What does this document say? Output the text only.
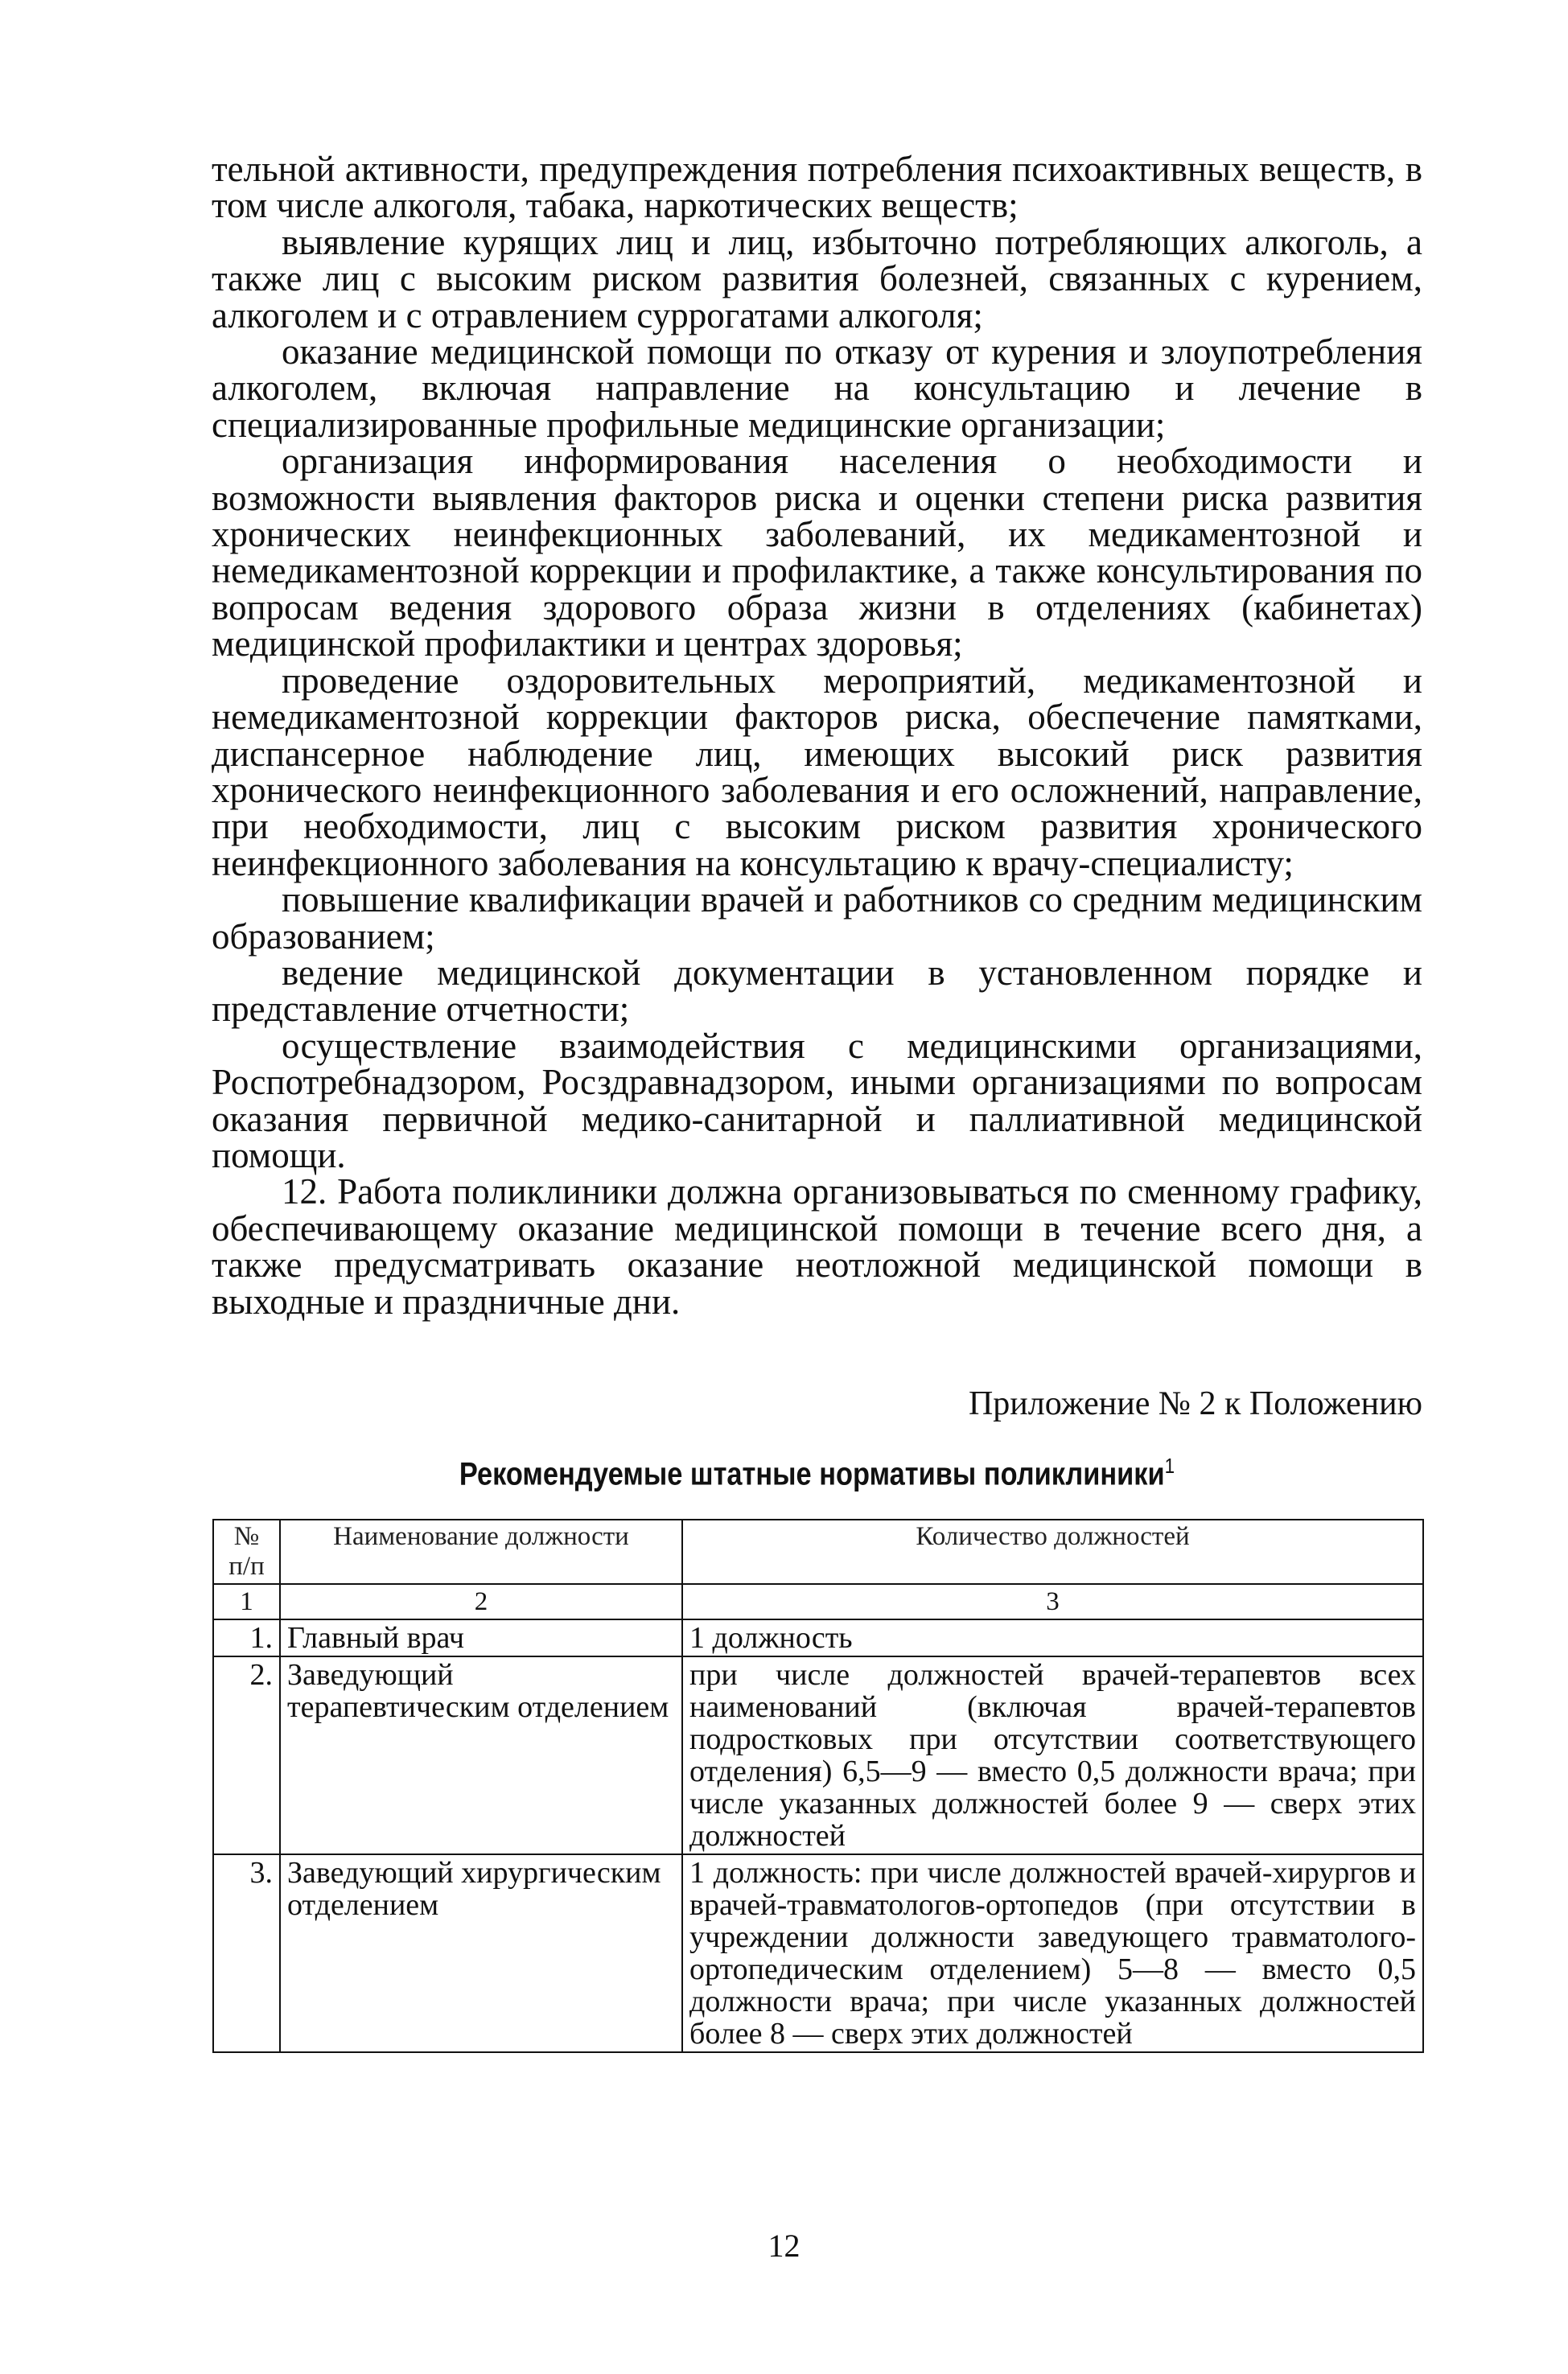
тельной активности, предупреждения потребления психоактивных веществ, в том числе алкоголя, табака, наркотических веществ;

выявление курящих лиц и лиц, избыточно потребляющих алкоголь, а также лиц с высоким риском развития болезней, связанных с курением, алкоголем и с отравлением суррогатами алкоголя;

оказание медицинской помощи по отказу от курения и злоупотребления алкоголем, включая направление на консультацию и лечение в специализированные профильные медицинские организации;

организация информирования населения о необходимости и возможности выявления факторов риска и оценки степени риска развития хронических неинфекционных заболеваний, их медикаментозной и немедикаментозной коррекции и профилактике, а также консультирования по вопросам ведения здорового образа жизни в отделениях (кабинетах) медицинской профилактики и центрах здоровья;

проведение оздоровительных мероприятий, медикаментозной и немедикаментозной коррекции факторов риска, обеспечение памятками, диспансерное наблюдение лиц, имеющих высокий риск развития хронического неинфекционного заболевания и его осложнений, направление, при необходимости, лиц с высоким риском развития хронического неинфекционного заболевания на консультацию к врачу-специалисту;

повышение квалификации врачей и работников со средним медицинским образованием;

ведение медицинской документации в установленном порядке и представление отчетности;

осуществление взаимодействия с медицинскими организациями, Роспотребнадзором, Росздравнадзором, иными организациями по вопросам оказания первичной медико-санитарной и паллиативной медицинской помощи.

12. Работа поликлиники должна организовываться по сменному графику, обеспечивающему оказание медицинской помощи в течение всего дня, а также предусматривать оказание неотложной медицинской помощи в выходные и праздничные дни.

Приложение № 2 к Положению
Рекомендуемые штатные нормативы поликлиники$^1$
№ п/п	Наименование должности	Количество должностей
1	2	3
1.	Главный врач	1 должность
2.	Заведующий терапевтическим отделением	при числе должностей врачей-терапевтов всех наименований (включая врачей-терапевтов подростковых при отсутствии соответствующего отделения) 6,5—9 — вместо 0,5 должности врача; при числе указанных должностей более 9 — сверх этих должностей
3.	Заведующий хирургическим отделением	1 должность: при числе должностей врачей-хирургов и врачей-травматологов-ортопедов (при отсутствии в учреждении должности заведующего травматолого-ортопедическим отделением) 5—8 — вместо 0,5 должности врача; при числе указанных должностей более 8 — сверх этих должностей
12
